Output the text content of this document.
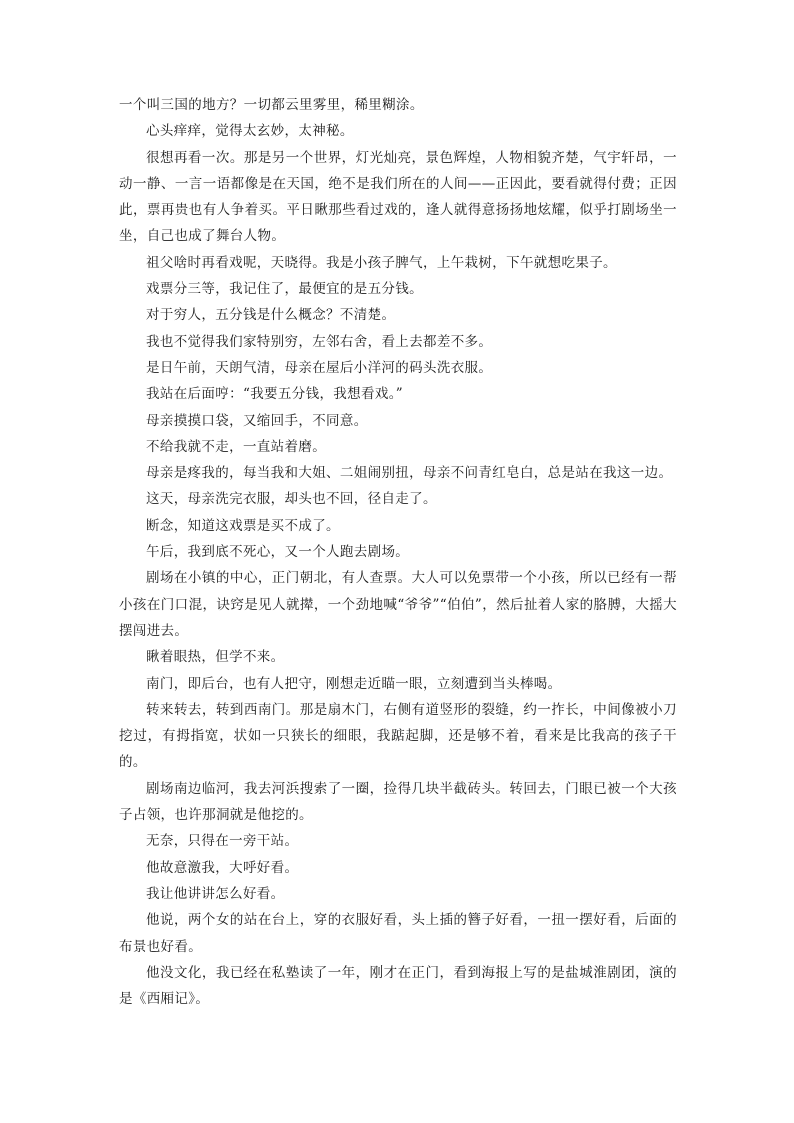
一个叫三国的地方？一切都云里雾里，稀里糊涂。

心头痒痒，觉得太玄妙，太神秘。

很想再看一次。那是另一个世界，灯光灿亮，景色辉煌，人物相貌齐楚，气宇轩昂，一动一静、一言一语都像是在天国，绝不是我们所在的人间——正因此，要看就得付费；正因此，票再贵也有人争着买。平日瞅那些看过戏的，逢人就得意扬扬地炫耀，似乎打剧场坐一坐，自己也成了舞台人物。

祖父啥时再看戏呢，天晓得。我是小孩子脾气，上午栽树，下午就想吃果子。

戏票分三等，我记住了，最便宜的是五分钱。

对于穷人，五分钱是什么概念？不清楚。

我也不觉得我们家特别穷，左邻右舍，看上去都差不多。

是日午前，天朗气清，母亲在屋后小洋河的码头洗衣服。

我站在后面哼：“我要五分钱，我想看戏。”

母亲摸摸口袋，又缩回手，不同意。

不给我就不走，一直站着磨。

母亲是疼我的，每当我和大姐、二姐闹别扭，母亲不问青红皂白，总是站在我这一边。

这天，母亲洗完衣服，却头也不回，径自走了。

断念，知道这戏票是买不成了。

午后，我到底不死心，又一个人跑去剧场。

剧场在小镇的中心，正门朝北，有人查票。大人可以免票带一个小孩，所以已经有一帮小孩在门口混，诀窍是见人就撵，一个劲地喊“爷爷”“伯伯”，然后扯着人家的胳膊，大摇大摆闯进去。

瞅着眼热，但学不来。

南门，即后台，也有人把守，刚想走近瞄一眼，立刻遭到当头棒喝。

转来转去，转到西南门。那是扇木门，右侧有道竖形的裂缝，约一拃长，中间像被小刀挖过，有拇指宽，状如一只狭长的细眼，我踮起脚，还是够不着，看来是比我高的孩子干的。

剧场南边临河，我去河浜搜索了一圈，捡得几块半截砖头。转回去，门眼已被一个大孩子占领，也许那洞就是他挖的。

无奈，只得在一旁干站。

他故意激我，大呼好看。

我让他讲讲怎么好看。

他说，两个女的站在台上，穿的衣服好看，头上插的簪子好看，一扭一摆好看，后面的布景也好看。

他没文化，我已经在私塾读了一年，刚才在正门，看到海报上写的是盐城淮剧团，演的是《西厢记》。
